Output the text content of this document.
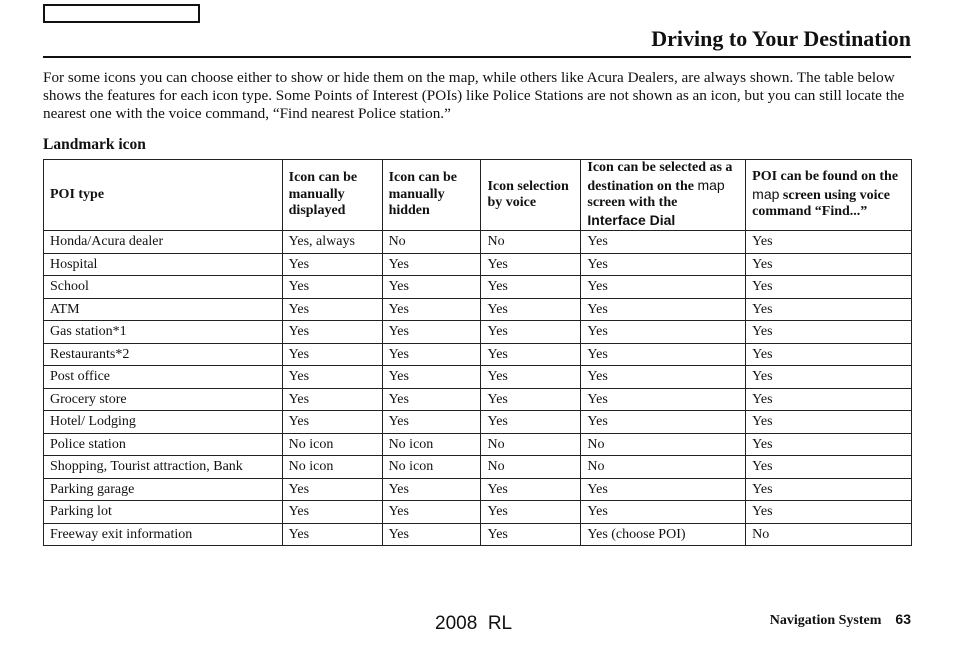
Driving to Your Destination

For some icons you can choose either to show or hide them on the map, while others like Acura Dealers, are always shown. The table below shows the features for each icon type. Some Points of Interest (POIs) like Police Stations are not shown as an icon, but you can still locate the nearest one with the voice command, “Find nearest Police station.”

Landmark icon
POI type	Icon can be manually displayed	Icon can be manually hidden	Icon selection by voice	Icon can be selected as a destination on the map screen with the Interface Dial	POI can be found on the map screen using voice command “Find...”
Honda/Acura dealer	Yes, always	No	No	Yes	Yes
Hospital	Yes	Yes	Yes	Yes	Yes
School	Yes	Yes	Yes	Yes	Yes
ATM	Yes	Yes	Yes	Yes	Yes
Gas station*1	Yes	Yes	Yes	Yes	Yes
Restaurants*2	Yes	Yes	Yes	Yes	Yes
Post office	Yes	Yes	Yes	Yes	Yes
Grocery store	Yes	Yes	Yes	Yes	Yes
Hotel/ Lodging	Yes	Yes	Yes	Yes	Yes
Police station	No icon	No icon	No	No	Yes
Shopping, Tourist attraction, Bank	No icon	No icon	No	No	Yes
Parking garage	Yes	Yes	Yes	Yes	Yes
Parking lot	Yes	Yes	Yes	Yes	Yes
Freeway exit information	Yes	Yes	Yes	Yes (choose POI)	No
2008  RL	Navigation System 63
